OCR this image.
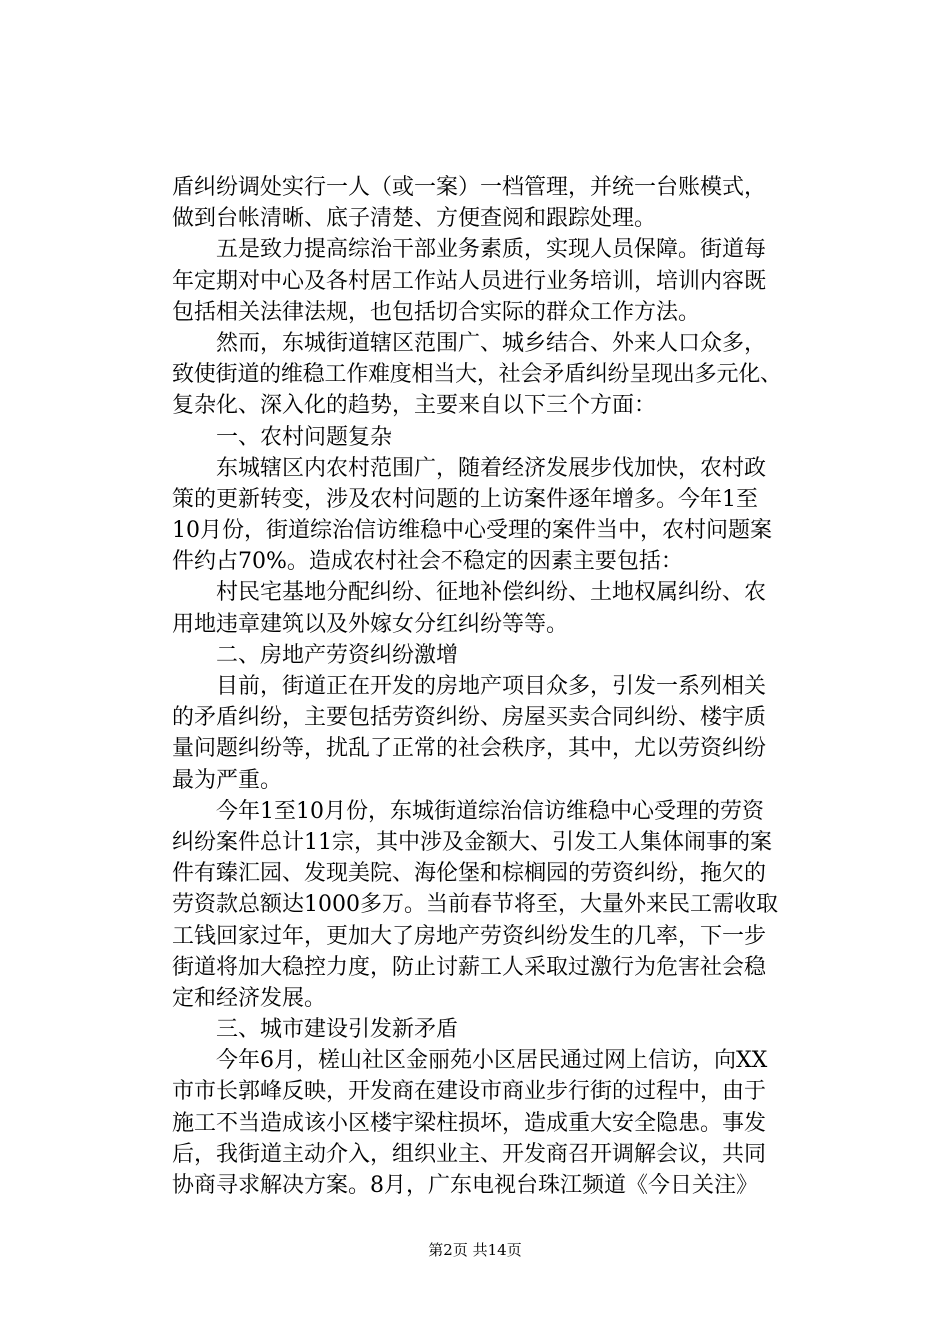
盾纠纷调处实行一人（或一案）一档管理，并统一台账模式，
做到台帐清晰、底子清楚、方便查阅和跟踪处理。
　　五是致力提高综治干部业务素质，实现人员保障。街道每
年定期对中心及各村居工作站人员进行业务培训，培训内容既
包括相关法律法规，也包括切合实际的群众工作方法。
　　然而，东城街道辖区范围广、城乡结合、外来人口众多，
致使街道的维稳工作难度相当大，社会矛盾纠纷呈现出多元化、
复杂化、深入化的趋势，主要来自以下三个方面：
　　一、农村问题复杂
　　东城辖区内农村范围广，随着经济发展步伐加快，农村政
策的更新转变，涉及农村问题的上访案件逐年增多。今年1至
10月份，街道综治信访维稳中心受理的案件当中，农村问题案
件约占70%。造成农村社会不稳定的因素主要包括：
　　村民宅基地分配纠纷、征地补偿纠纷、土地权属纠纷、农
用地违章建筑以及外嫁女分红纠纷等等。
　　二、房地产劳资纠纷激增
　　目前，街道正在开发的房地产项目众多，引发一系列相关
的矛盾纠纷，主要包括劳资纠纷、房屋买卖合同纠纷、楼宇质
量问题纠纷等，扰乱了正常的社会秩序，其中，尤以劳资纠纷
最为严重。
　　今年1至10月份，东城街道综治信访维稳中心受理的劳资
纠纷案件总计11宗，其中涉及金额大、引发工人集体闹事的案
件有臻汇园、发现美院、海伦堡和棕榈园的劳资纠纷，拖欠的
劳资款总额达1000多万。当前春节将至，大量外来民工需收取
工钱回家过年，更加大了房地产劳资纠纷发生的几率，下一步
街道将加大稳控力度，防止讨薪工人采取过激行为危害社会稳
定和经济发展。
　　三、城市建设引发新矛盾
　　今年6月，槎山社区金丽苑小区居民通过网上信访，向XX
市市长郭峰反映，开发商在建设市商业步行街的过程中，由于
施工不当造成该小区楼宇梁柱损坏，造成重大安全隐患。事发
后，我街道主动介入，组织业主、开发商召开调解会议，共同
协商寻求解决方案。8月，广东电视台珠江频道《今日关注》
第2页 共14页
